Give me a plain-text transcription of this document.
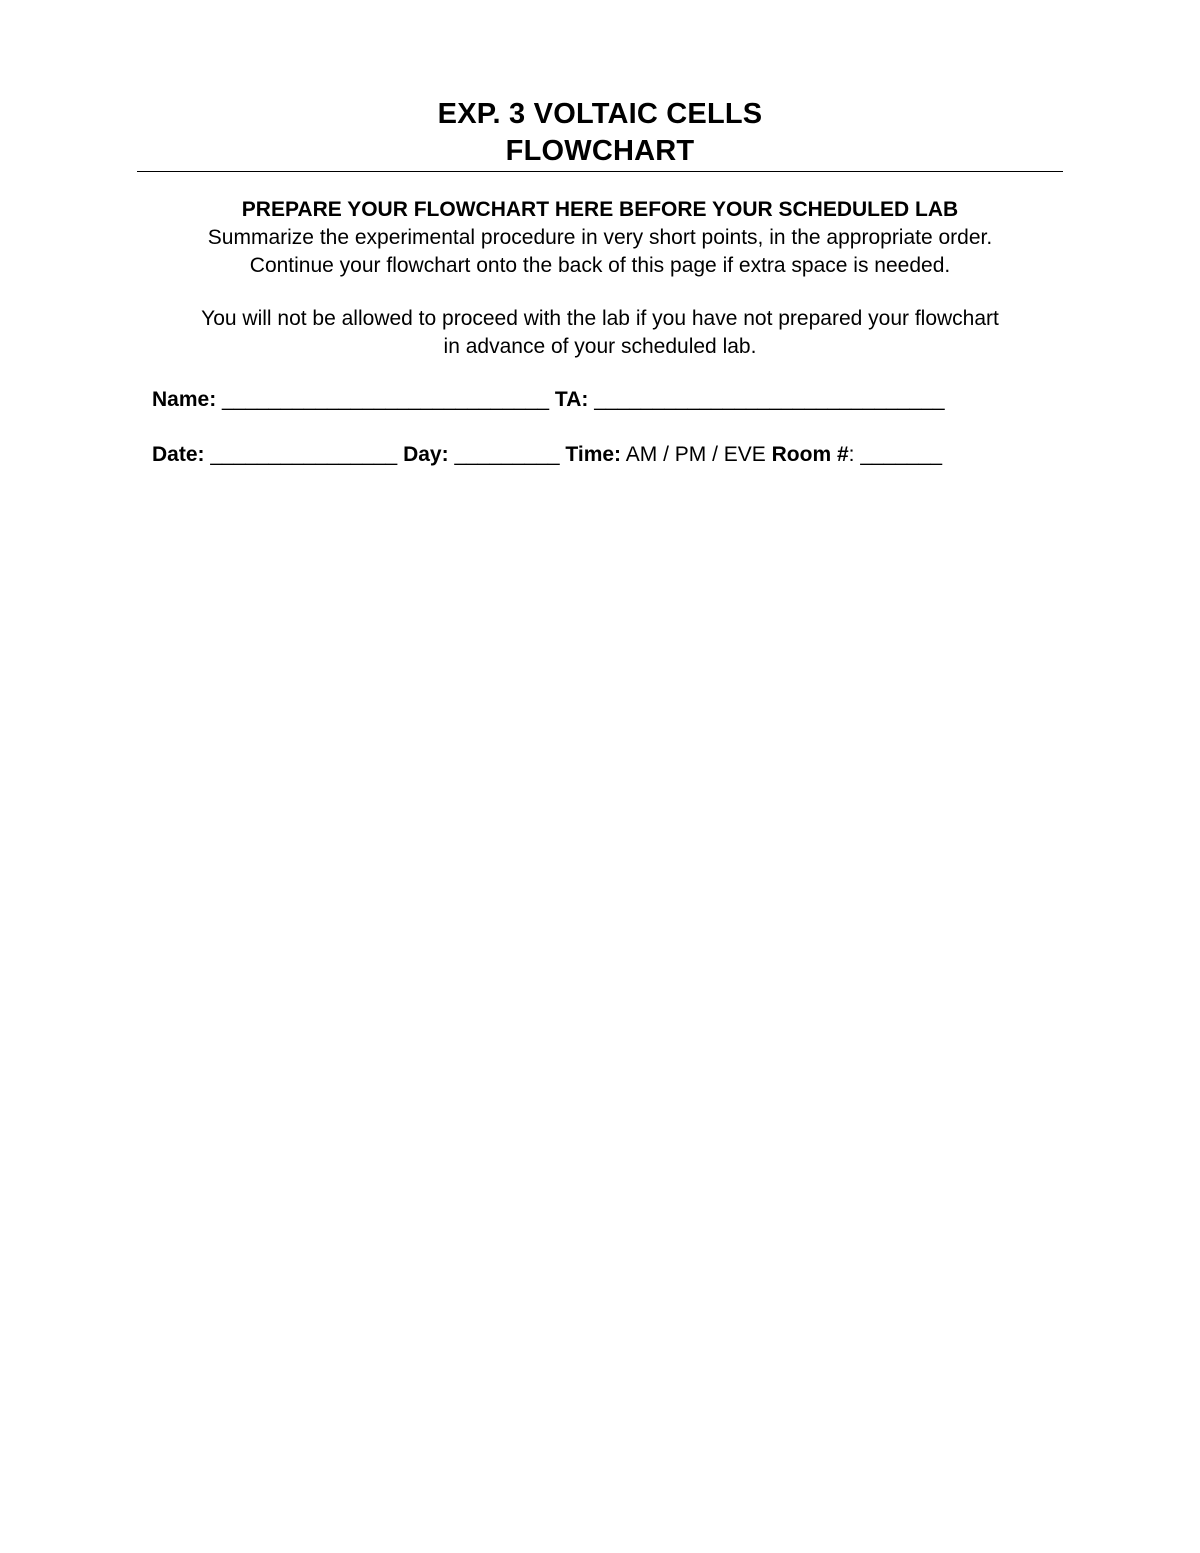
EXP. 3 VOLTAIC CELLS
FLOWCHART
PREPARE YOUR FLOWCHART HERE BEFORE YOUR SCHEDULED LAB
Summarize the experimental procedure in very short points, in the appropriate order.
Continue your flowchart onto the back of this page if extra space is needed.
You will not be allowed to proceed with the lab if you have not prepared your flowchart
in advance of your scheduled lab.
Name: ____________________________ TA: ______________________________
Date: ________________ Day: _________ Time: AM / PM / EVE Room #: _______
